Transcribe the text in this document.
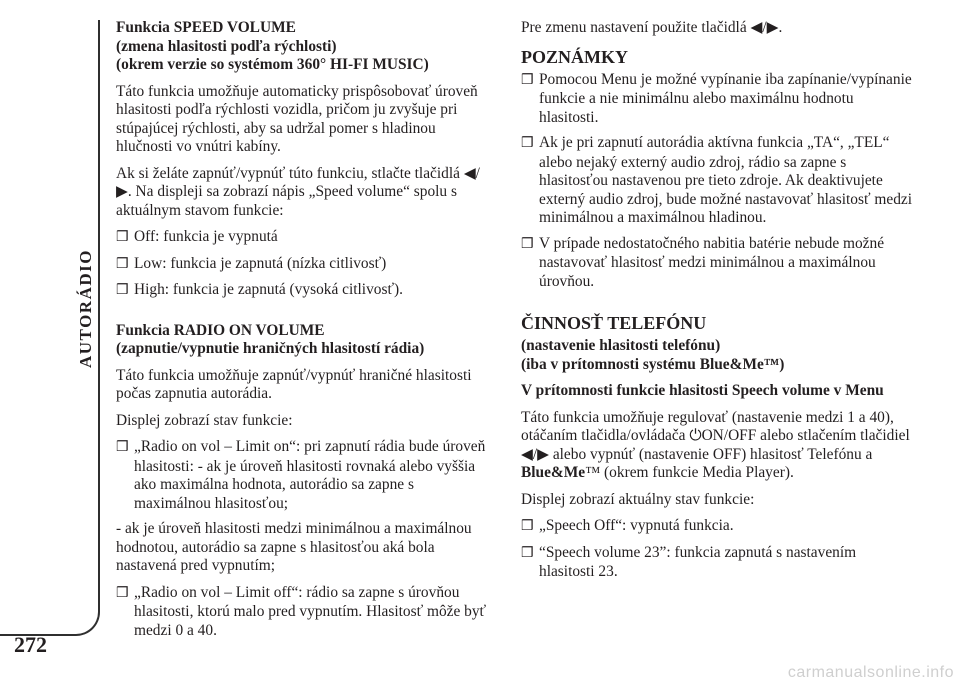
AUTORÁDIO
272
Funkcia SPEED VOLUME
(zmena hlasitosti podľa rýchlosti)
(okrem verzie so systémom 360° HI-FI MUSIC)

Táto funkcia umožňuje automaticky prispôsobovať úroveň hlasitosti podľa rýchlosti vozidla, pričom ju zvyšuje pri stúpajúcej rýchlosti, aby sa udržal pomer s hladinou hlučnosti vo vnútri kabíny.

Ak si želáte zapnúť/vypnúť túto funkciu, stlačte tlačidlá ◀/▶. Na displeji sa zobrazí nápis „Speed volume“ spolu s aktuálnym stavom funkcie:

❒ Off: funkcia je vypnutá
❒ Low: funkcia je zapnutá (nízka citlivosť)
❒ High: funkcia je zapnutá (vysoká citlivosť).
Funkcia RADIO ON VOLUME
(zapnutie/vypnutie hraničných hlasitostí rádia)

Táto funkcia umožňuje zapnúť/vypnúť hraničné hlasitosti počas zapnutia autorádia.

Displej zobrazí stav funkcie:

❒ „Radio on vol – Limit on“: pri zapnutí rádia bude úroveň hlasitosti: - ak je úroveň hlasitosti rovnaká alebo vyššia ako maximálna hodnota, autorádio sa zapne s maximálnou hlasitosťou;

- ak je úroveň hlasitosti medzi minimálnou a maximálnou hodnotou, autorádio sa zapne s hlasitosťou aká bola nastavená pred vypnutím;

❒ „Radio on vol – Limit off“: rádio sa zapne s úrovňou hlasitosti, ktorú malo pred vypnutím. Hlasitosť môže byť medzi 0 a 40.

Pre zmenu nastavení použite tlačidlá ◀/▶.

POZNÁMKY
❒ Pomocou Menu je možné vypínanie iba zapínanie/vypínanie funkcie a nie minimálnu alebo maximálnu hodnotu hlasitosti.
❒ Ak je pri zapnutí autorádia aktívna funkcia „TA“, „TEL“ alebo nejaký externý audio zdroj, rádio sa zapne s hlasitosťou nastavenou pre tieto zdroje. Ak deaktivujete externý audio zdroj, bude možné nastavovať hlasitosť medzi minimálnou a maximálnou hladinou.
❒ V prípade nedostatočného nabitia batérie nebude možné nastavovať hlasitosť medzi minimálnou a maximálnou úrovňou.
ČINNOSŤ TELEFÓNU
(nastavenie hlasitosti telefónu)
(iba v prítomnosti systému Blue&Me™)
V prítomnosti funkcie hlasitosti Speech volume v Menu

Táto funkcia umožňuje regulovať (nastavenie medzi 1 a 40), otáčaním tlačidla/ovládača ⏻ON/OFF alebo stlačením tlačidiel ◀/▶ alebo vypnúť (nastavenie OFF) hlasitosť Telefónu a Blue&Me™ (okrem funkcie Media Player).

Displej zobrazí aktuálny stav funkcie:

❒ „Speech Off“: vypnutá funkcia.
❒ “Speech volume 23”: funkcia zapnutá s nastavením hlasitosti 23.
carmanualsonline.info
